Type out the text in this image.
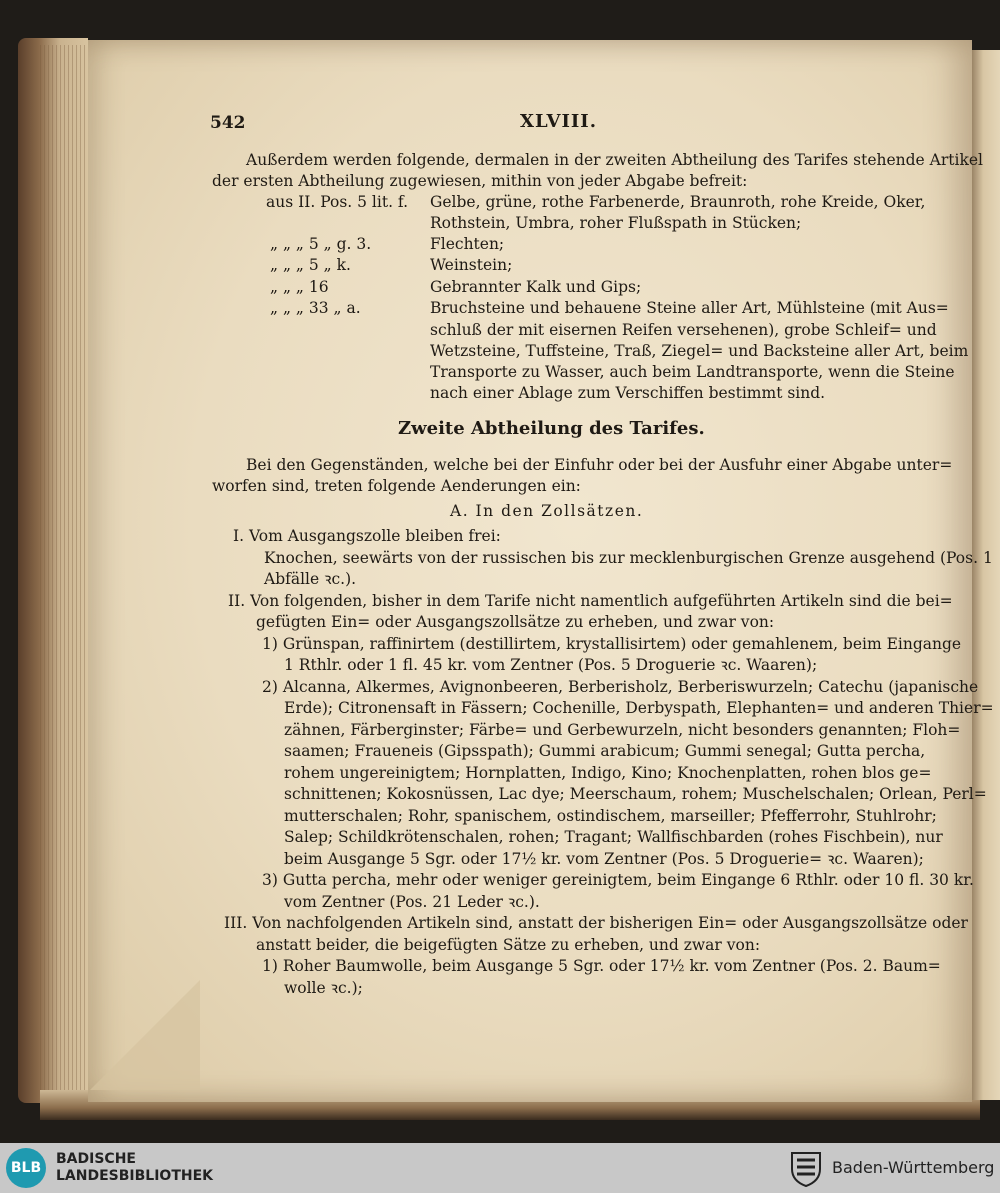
542	XLVIII.
Außerdem werden folgende, dermalen in der zweiten Abtheilung des Tarifes stehende Artikel
der ersten Abtheilung zugewiesen, mithin von jeder Abgabe befreit:
aus II. Pos. 5 lit. f. Gelbe, grüne, rothe Farbenerde, Braunroth, rohe Kreide, Oker,
Rothstein, Umbra, roher Flußspath in Stücken;
„ „ „ 5 „ g. 3.	Flechten;
„ „ „ 5 „ k.	Weinstein;
„ „ „ 16	Gebrannter Kalk und Gips;
„ „ „ 33 „ a.	Bruchsteine und behauene Steine aller Art, Mühlsteine (mit Aus=
schluß der mit eisernen Reifen versehenen), grobe Schleif= und
Wetzsteine, Tuffsteine, Traß, Ziegel= und Backsteine aller Art, beim
Transporte zu Wasser, auch beim Landtransporte, wenn die Steine
nach einer Ablage zum Verschiffen bestimmt sind.
Zweite Abtheilung des Tarifes.
Bei den Gegenständen, welche bei der Einfuhr oder bei der Ausfuhr einer Abgabe unter=
worfen sind, treten folgende Aenderungen ein:
A. In den Zollsätzen.
I. Vom Ausgangszolle bleiben frei:
Knochen, seewärts von der russischen bis zur mecklenburgischen Grenze ausgehend (Pos. 1
Abfälle ꝛc.).
II. Von folgenden, bisher in dem Tarife nicht namentlich aufgeführten Artikeln sind die bei=
gefügten Ein= oder Ausgangszollsätze zu erheben, und zwar von:
1) Grünspan, raffinirtem (destillirtem, krystallisirtem) oder gemahlenem, beim Eingange
1 Rthlr. oder 1 fl. 45 kr. vom Zentner (Pos. 5 Droguerie ꝛc. Waaren);
2) Alcanna, Alkermes, Avignonbeeren, Berberisholz, Berberiswurzeln; Catechu (japanische
Erde); Citronensaft in Fässern; Cochenille, Derbyspath, Elephanten= und anderen Thier=
zähnen, Färberginster; Färbe= und Gerbewurzeln, nicht besonders genannten; Floh=
saamen; Fraueneis (Gipsspath); Gummi arabicum; Gummi senegal; Gutta percha,
rohem ungereinigtem; Hornplatten, Indigo, Kino; Knochenplatten, rohen blos ge=
schnittenen; Kokosnüssen, Lac dye; Meerschaum, rohem; Muschelschalen; Orlean, Perl=
mutterschalen; Rohr, spanischem, ostindischem, marseiller; Pfefferrohr, Stuhlrohr;
Salep; Schildkrötenschalen, rohen; Tragant; Wallfischbarden (rohes Fischbein), nur
beim Ausgange 5 Sgr. oder 17½ kr. vom Zentner (Pos. 5 Droguerie= ꝛc. Waaren);
3) Gutta percha, mehr oder weniger gereinigtem, beim Eingange 6 Rthlr. oder 10 fl. 30 kr.
vom Zentner (Pos. 21 Leder ꝛc.).
III. Von nachfolgenden Artikeln sind, anstatt der bisherigen Ein= oder Ausgangszollsätze oder
anstatt beider, die beigefügten Sätze zu erheben, und zwar von:
1) Roher Baumwolle, beim Ausgange 5 Sgr. oder 17½ kr. vom Zentner (Pos. 2. Baum=
wolle ꝛc.);
BLB
BADISCHE
LANDESBIBLIOTHEK	Baden-Württemberg
